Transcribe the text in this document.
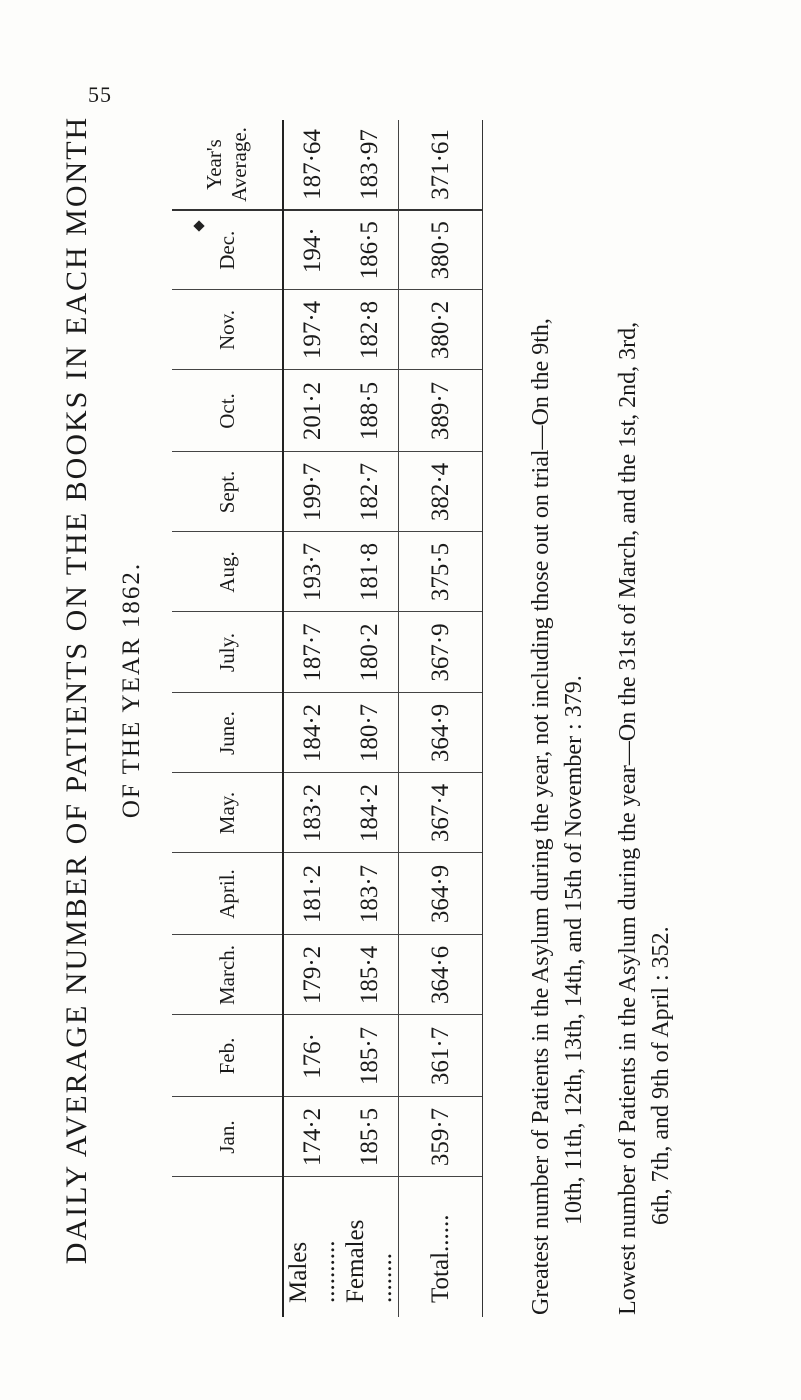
55
DAILY AVERAGE NUMBER OF PATIENTS ON THE BOOKS IN EACH MONTH OF THE YEAR 1862.
	Jan.	Feb.	March.	April.	May.	June.	July.	Aug.	Sept.	Oct.	Nov.	Dec.	Year's Average.
Males ..........	174·2	176·	179·2	181·2	183·2	184·2	187·7	193·7	199·7	201·2	197·4	194·	187·64
Females ........	185·5	185·7	185·4	183·7	184·2	180·7	180·2	181·8	182·7	188·5	182·8	186·5	183·97
Total......	359·7	361·7	364·6	364·9	367·4	364·9	367·9	375·5	382·4	389·7	380·2	380·5	371·61
Greatest number of Patients in the Asylum during the year, not including those out on trial—On the 9th, 10th, 11th, 12th, 13th, 14th, and 15th of November : 379. Lowest number of Patients in the Asylum during the year—On the 31st of March, and the 1st, 2nd, 3rd, 6th, 7th, and 9th of April : 352.
